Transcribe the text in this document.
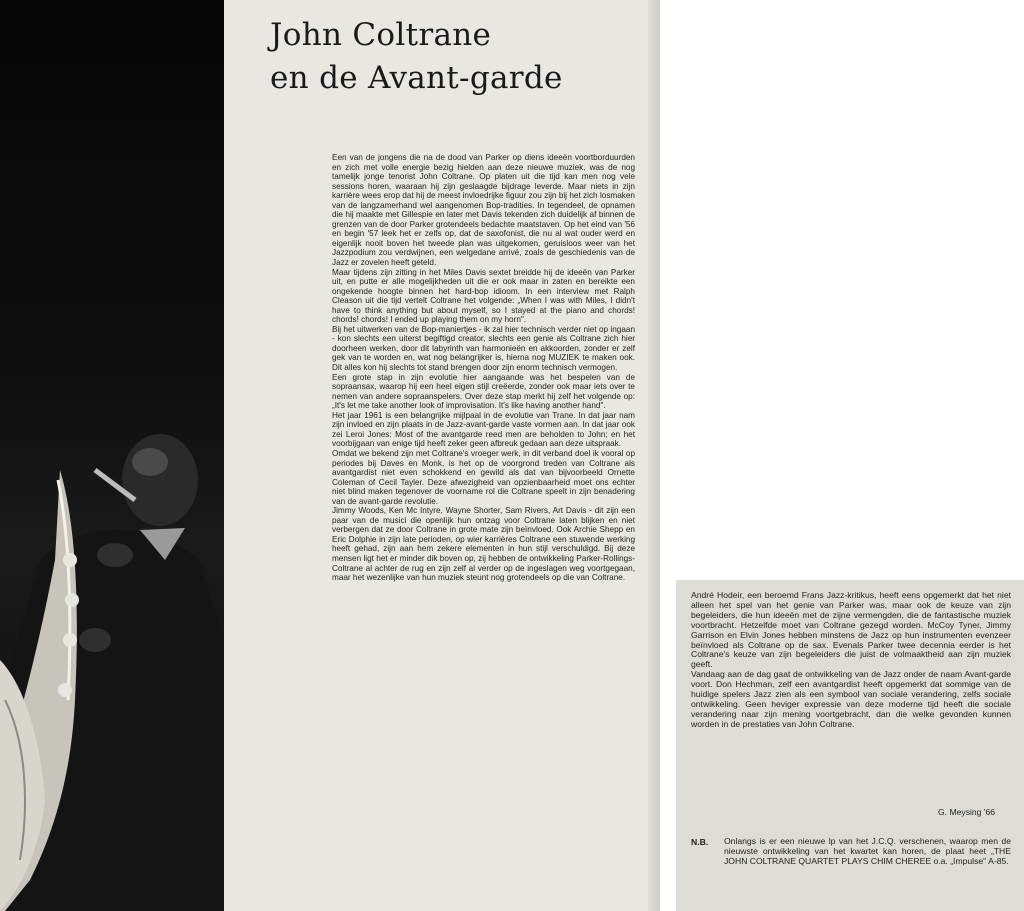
John Coltrane
en de Avant-garde

Een van de jongens die na de dood van Parker op diens ideeën voortborduurden en zich met volle energie bezig hielden aan deze nieuwe muziek, was de nog tamelijk jonge tenorist John Coltrane. Op platen uit die tijd kan men nog vele sessions horen, waaraan hij zijn geslaagde bijdrage leverde. Maar niets in zijn karrière wees erop dat hij de meest invloedrijke figuur zou zijn bij het zich losmaken van de langzamerhand wel aangenomen Bop-tradities. In tegendeel, de opnamen die hij maakte met Gillespie en later met Davis tekenden zich duidelijk af binnen de grenzen van de door Parker grotendeels bedachte maatstaven. Op het eind van '56 en begin '57 leek het er zelfs op, dat de saxofonist, die nu al wat ouder werd en eigenlijk nooit boven het tweede plan was uitgekomen, geruisloos weer van het Jazzpodium zou verdwijnen, een welgedane arrivé, zoals de geschiedenis van de Jazz er zovelen heeft geteld.

Maar tijdens zijn zitting in het Miles Davis sextet breidde hij de ideeën van Parker uit, en putte er alle mogelijkheden uit die er ook maar in zaten en bereikte een ongekende hoogte binnen het hard-bop idioom. In een interview met Ralph Cleason uit die tijd vertelt Coltrane het volgende: „When I was with Miles, I didn't have to think anything but about myself, so I stayed at the piano and chords! chords! chords! I ended up playing them on my horn".

Bij het uitwerken van de Bop-maniertjes - ik zal hier technisch verder niet op ingaan - kon slechts een uiterst begiftigd creator, slechts een genie als Coltrane zich hier doorheen werken, door dit labyrinth van harmonieën en akkoorden, zonder er zelf gek van te worden en, wat nog belangrijker is, hierna nog MUZIEK te maken ook. Dit alles kon hij slechts tot stand brengen door zijn enorm technisch vermogen.

Een grote stap in zijn evolutie hier aangaande was het bespelen van de sopraansax, waarop hij een heel eigen stijl creëerde, zonder ook maar iets over te nemen van andere sopraanspelers. Over deze stap merkt hij zelf het volgende op: „It's let me take another look of improvisation. It's like having another hand".

Het jaar 1961 is een belangrijke mijlpaal in de evolutie van Trane. In dat jaar nam zijn invloed en zijn plaats in de Jazz-avant-garde vaste vormen aan. In dat jaar ook zei Leroi Jones: Most of the avantgarde reed men are beholden to John; en het voorbijgaan van enige tijd heeft zeker geen afbreuk gedaan aan deze uitspraak.

Omdat we bekend zijn met Coltrane's vroeger werk, in dit verband doel ik vooral op periodes bij Daves en Monk, is het op de voorgrond treden van Coltrane als avantgardist niet even schokkend en gewild als dat van bijvoorbeeld Ornette Coleman of Cecil Tayler. Deze afwezigheid van opzienbaarheid moet ons echter niet blind maken tegenover de voorname rol die Coltrane speelt in zijn benadering van de avant-garde revolutie.

Jimmy Woods, Ken Mc Intyre, Wayne Shorter, Sam Rivers, Art Davis - dit zijn een paar van de musici die openlijk hun ontzag voor Coltrane laten blijken en niet verbergen dat ze door Coltrane in grote mate zijn beïnvloed. Ook Archie Shepp en Eric Dolphie in zijn late perioden, op wier karrières Coltrane een stuwende werking heeft gehad, zijn aan hem zekere elementen in hun stijl verschuldigd. Bij deze mensen ligt het er minder dik boven op, zij hebben de ontwikkeling Parker-Rollings-Coltrane al achter de rug en zijn zelf al verder op de ingeslagen weg voortgegaan, maar het wezenlijke van hun muziek steunt nog grotendeels op die van Coltrane.

André Hodeir, een beroemd Frans Jazz-kritikus, heeft eens opgemerkt dat het niet alleen het spel van het genie van Parker was, maar ook de keuze van zijn begeleiders, die hun ideeën met de zijne vermengden, die de fantastische muziek voortbracht. Hetzelfde moet van Coltrane gezegd worden. McCoy Tyner, Jimmy Garrison en Elvin Jones hebben minstens de Jazz op hun instrumenten evenzeer beïnvloed als Coltrane op de sax. Evenals Parker twee decennia eerder is het Coltrane's keuze van zijn begeleiders die juist de volmaaktheid aan zijn muziek geeft.

Vandaag aan de dag gaat de ontwikkeling van de Jazz onder de naam Avant-garde voort. Don Hechman, zelf een avantgardist heeft opgemerkt dat sommige van de huidige spelers Jazz zien als een symbool van sociale verandering, zelfs sociale ontwikkeling. Geen heviger expressie van deze moderne tijd heeft die sociale verandering naar zijn mening voortgebracht, dan die welke gevonden kunnen worden in de prestaties van John Coltrane.

G. Meysing '66
N.B. Onlangs is er een nieuwe lp van het J.C.Q. verschenen, waarop men de nieuwste ontwikkeling van het kwartet kan horen, de plaat heet „THE JOHN COLTRANE QUARTET PLAYS CHIM CHEREE o.a. „Impulse" A-85.
